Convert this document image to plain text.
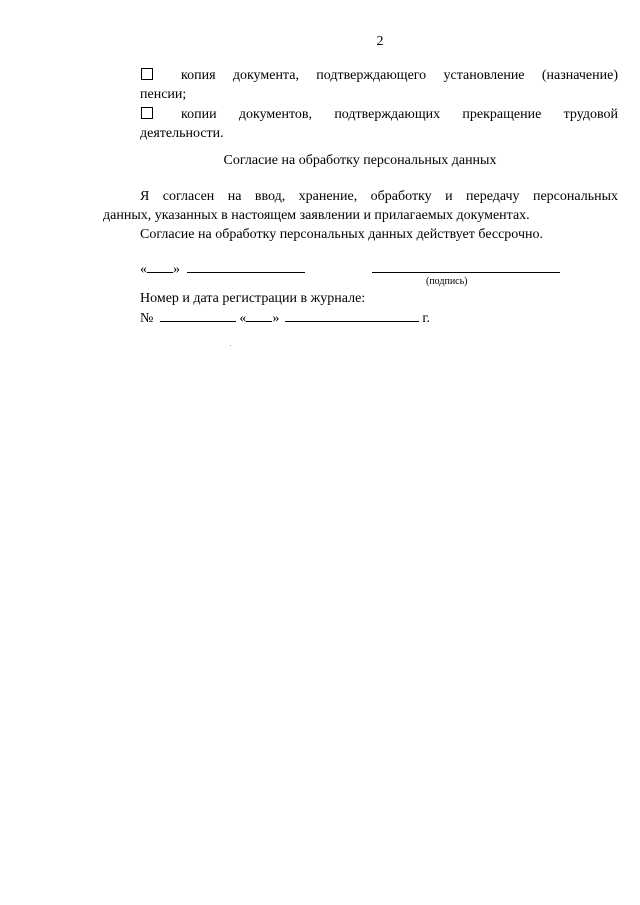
2
копия документа, подтверждающего установление (назначение)
пенсии;
копии документов, подтверждающих прекращение трудовой
деятельности.
Согласие на обработку персональных данных
Я согласен на ввод, хранение, обработку и передачу персональных
данных, указанных в настоящем заявлении и прилагаемых документах.
Согласие на обработку персональных данных действует бессрочно.
« »
(подпись)
Номер и дата регистрации в журнале:
№	« »	г.
